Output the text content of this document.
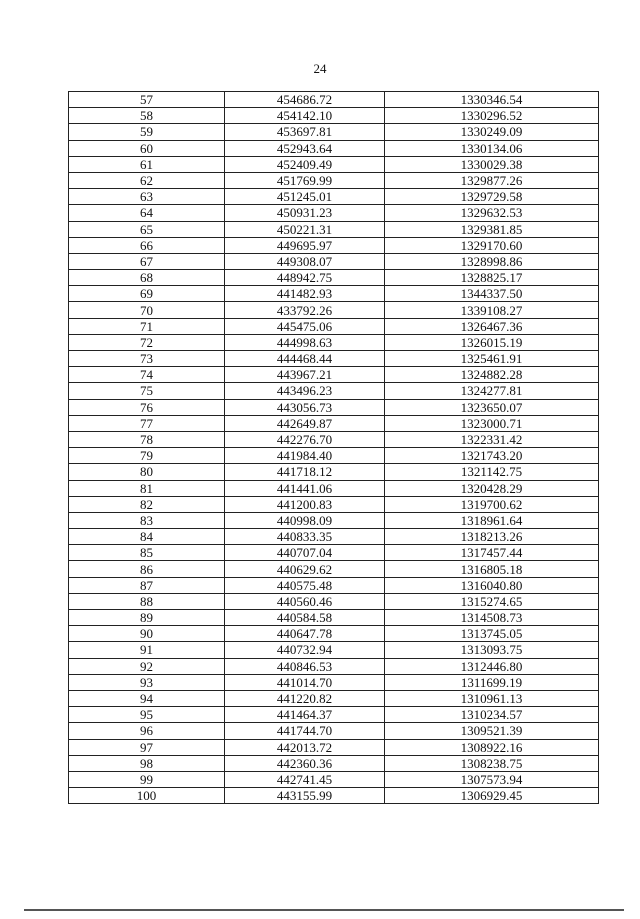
24
57	454686.72	1330346.54
58	454142.10	1330296.52
59	453697.81	1330249.09
60	452943.64	1330134.06
61	452409.49	1330029.38
62	451769.99	1329877.26
63	451245.01	1329729.58
64	450931.23	1329632.53
65	450221.31	1329381.85
66	449695.97	1329170.60
67	449308.07	1328998.86
68	448942.75	1328825.17
69	441482.93	1344337.50
70	433792.26	1339108.27
71	445475.06	1326467.36
72	444998.63	1326015.19
73	444468.44	1325461.91
74	443967.21	1324882.28
75	443496.23	1324277.81
76	443056.73	1323650.07
77	442649.87	1323000.71
78	442276.70	1322331.42
79	441984.40	1321743.20
80	441718.12	1321142.75
81	441441.06	1320428.29
82	441200.83	1319700.62
83	440998.09	1318961.64
84	440833.35	1318213.26
85	440707.04	1317457.44
86	440629.62	1316805.18
87	440575.48	1316040.80
88	440560.46	1315274.65
89	440584.58	1314508.73
90	440647.78	1313745.05
91	440732.94	1313093.75
92	440846.53	1312446.80
93	441014.70	1311699.19
94	441220.82	1310961.13
95	441464.37	1310234.57
96	441744.70	1309521.39
97	442013.72	1308922.16
98	442360.36	1308238.75
99	442741.45	1307573.94
100	443155.99	1306929.45
